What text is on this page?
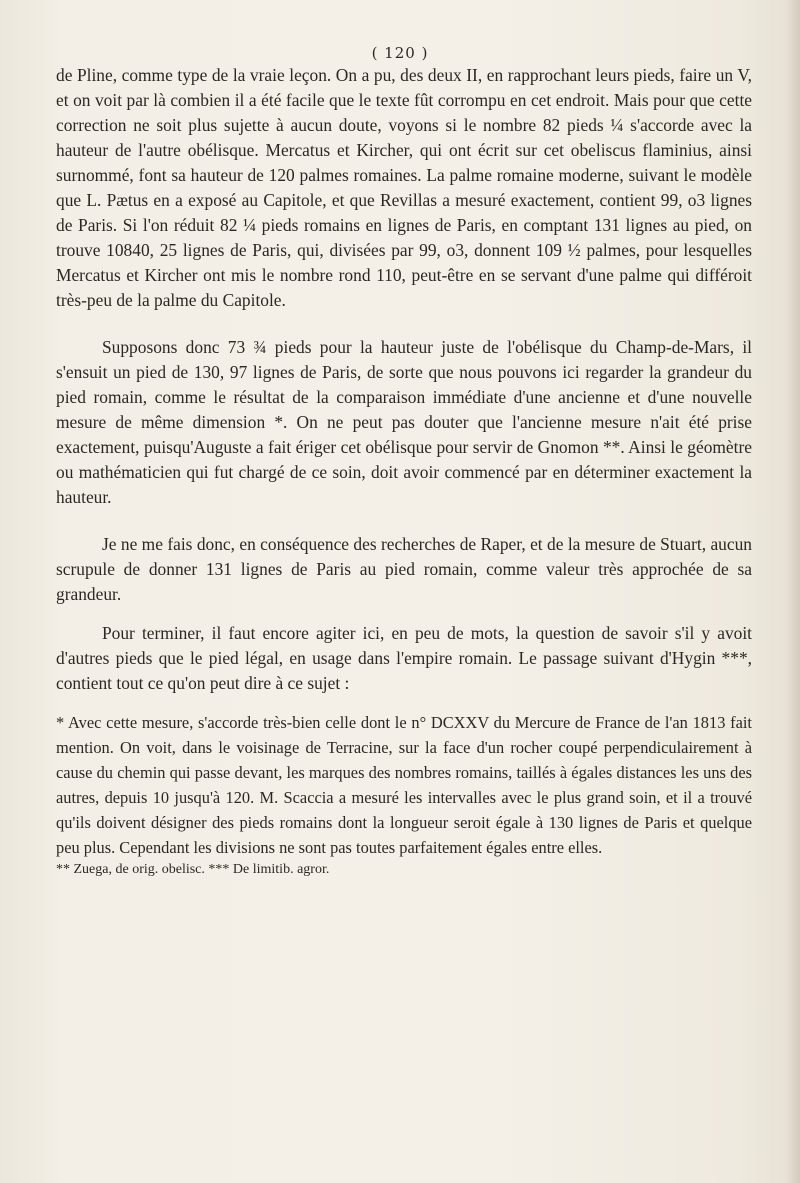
( 120 )

de Pline, comme type de la vraie leçon. On a pu, des deux II, en rapprochant leurs pieds, faire un V, et on voit par là combien il a été facile que le texte fût corrompu en cet endroit. Mais pour que cette correction ne soit plus sujette à aucun doute, voyons si le nombre 82 pieds ¼ s'accorde avec la hauteur de l'autre obélisque. Mercatus et Kircher, qui ont écrit sur cet obeliscus flaminius, ainsi surnommé, font sa hauteur de 120 palmes romaines. La palme romaine moderne, suivant le modèle que L. Pætus en a exposé au Capitole, et que Revillas a mesuré exactement, contient 99, o3 lignes de Paris. Si l'on réduit 82 ¼ pieds romains en lignes de Paris, en comptant 131 lignes au pied, on trouve 10840, 25 lignes de Paris, qui, divisées par 99, o3, donnent 109 ½ palmes, pour lesquelles Mercatus et Kircher ont mis le nombre rond 110, peut-être en se servant d'une palme qui différoit très-peu de la palme du Capitole.

Supposons donc 73 ¾ pieds pour la hauteur juste de l'obélisque du Champ-de-Mars, il s'ensuit un pied de 130, 97 lignes de Paris, de sorte que nous pouvons ici regarder la grandeur du pied romain, comme le résultat de la comparaison immédiate d'une ancienne et d'une nouvelle mesure de même dimension *. On ne peut pas douter que l'ancienne mesure n'ait été prise exactement, puisqu'Auguste a fait ériger cet obélisque pour servir de Gnomon **. Ainsi le géomètre ou mathématicien qui fut chargé de ce soin, doit avoir commencé par en déterminer exactement la hauteur.

Je ne me fais donc, en conséquence des recherches de Raper, et de la mesure de Stuart, aucun scrupule de donner 131 lignes de Paris au pied romain, comme valeur très approchée de sa grandeur.

Pour terminer, il faut encore agiter ici, en peu de mots, la question de savoir s'il y avoit d'autres pieds que le pied légal, en usage dans l'empire romain. Le passage suivant d'Hygin ***, contient tout ce qu'on peut dire à ce sujet :

* Avec cette mesure, s'accorde très-bien celle dont le n° DCXXV du Mercure de France de l'an 1813 fait mention. On voit, dans le voisinage de Terracine, sur la face d'un rocher coupé perpendiculairement à cause du chemin qui passe devant, les marques des nombres romains, taillés à égales distances les uns des autres, depuis 10 jusqu'à 120. M. Scaccia a mesuré les intervalles avec le plus grand soin, et il a trouvé qu'ils doivent désigner des pieds romains dont la longueur seroit égale à 130 lignes de Paris et quelque peu plus. Cependant les divisions ne sont pas toutes parfaitement égales entre elles.

** Zuega, de orig. obelisc. *** De limitib. agror.
